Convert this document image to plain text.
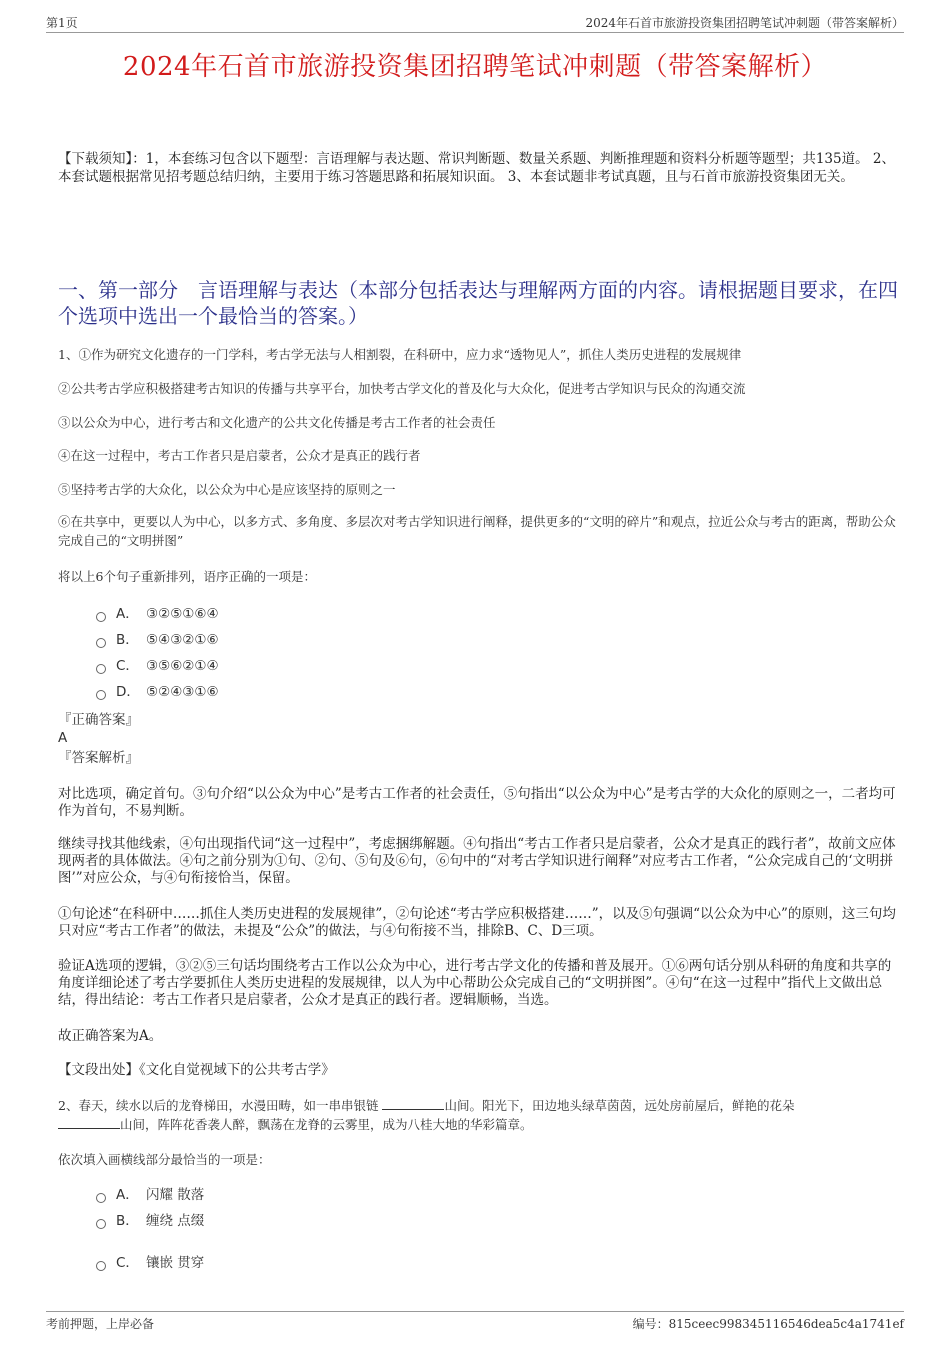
第1页	2024年石首市旅游投资集团招聘笔试冲刺题（带答案解析）
2024年石首市旅游投资集团招聘笔试冲刺题（带答案解析）
【下载须知】：1，本套练习包含以下题型：言语理解与表达题、常识判断题、数量关系题、判断推理题和资料分析题等题型；共135道。 2、本套试题根据常见招考题总结归纳，主要用于练习答题思路和拓展知识面。 3、本套试题非考试真题，且与石首市旅游投资集团无关。
一、第一部分　言语理解与表达（本部分包括表达与理解两方面的内容。请根据题目要求，在四个选项中选出一个最恰当的答案。）
1、①作为研究文化遗存的一门学科，考古学无法与人相割裂，在科研中，应力求“透物见人”，抓住人类历史进程的发展规律
②公共考古学应积极搭建考古知识的传播与共享平台，加快考古学文化的普及化与大众化，促进考古学知识与民众的沟通交流
③以公众为中心，进行考古和文化遗产的公共文化传播是考古工作者的社会责任
④在这一过程中，考古工作者只是启蒙者，公众才是真正的践行者
⑤坚持考古学的大众化，以公众为中心是应该坚持的原则之一
⑥在共享中，更要以人为中心，以多方式、多角度、多层次对考古学知识进行阐释，提供更多的“文明的碎片”和观点，拉近公众与考古的距离，帮助公众完成自己的“文明拼图”
将以上6个句子重新排列，语序正确的一项是：
A． ③②⑤①⑥④
B． ⑤④③②①⑥
C． ③⑤⑥②①④
D． ⑤②④③①⑥
『正确答案』
A
『答案解析』
对比选项，确定首句。③句介绍“以公众为中心”是考古工作者的社会责任，⑤句指出“以公众为中心”是考古学的大众化的原则之一，二者均可作为首句，不易判断。
继续寻找其他线索，④句出现指代词“这一过程中”，考虑捆绑解题。④句指出“考古工作者只是启蒙者，公众才是真正的践行者”，故前文应体现两者的具体做法。④句之前分别为①句、②句、⑤句及⑥句，⑥句中的“对考古学知识进行阐释”对应考古工作者，“公众完成自己的‘文明拼图’”对应公众，与④句衔接恰当，保留。
①句论述“在科研中……抓住人类历史进程的发展规律”，②句论述“考古学应积极搭建……”，以及⑤句强调“以公众为中心”的原则，这三句均只对应“考古工作者”的做法，未提及“公众”的做法，与④句衔接不当，排除B、C、D三项。
验证A选项的逻辑，③②⑤三句话均围绕考古工作以公众为中心，进行考古学文化的传播和普及展开。①⑥两句话分别从科研的角度和共享的角度详细论述了考古学要抓住人类历史进程的发展规律，以人为中心帮助公众完成自己的“文明拼图”。④句“在这一过程中”指代上文做出总结，得出结论：考古工作者只是启蒙者，公众才是真正的践行者。逻辑顺畅，当选。
故正确答案为A。
【文段出处】《文化自觉视域下的公共考古学》
2、春天，续水以后的龙脊梯田，水漫田畴，如一串串银链	山间。阳光下，田边地头绿草茵茵，远处房前屋后，鲜艳的花朵
山间，阵阵花香袭人醉，飘荡在龙脊的云雾里，成为八桂大地的华彩篇章。
依次填入画横线部分最恰当的一项是：
A． 闪耀 散落
B． 缠绕 点缀
C． 镶嵌 贯穿
考前押题，上岸必备	编号：815ceec998345116546dea5c4a1741ef
